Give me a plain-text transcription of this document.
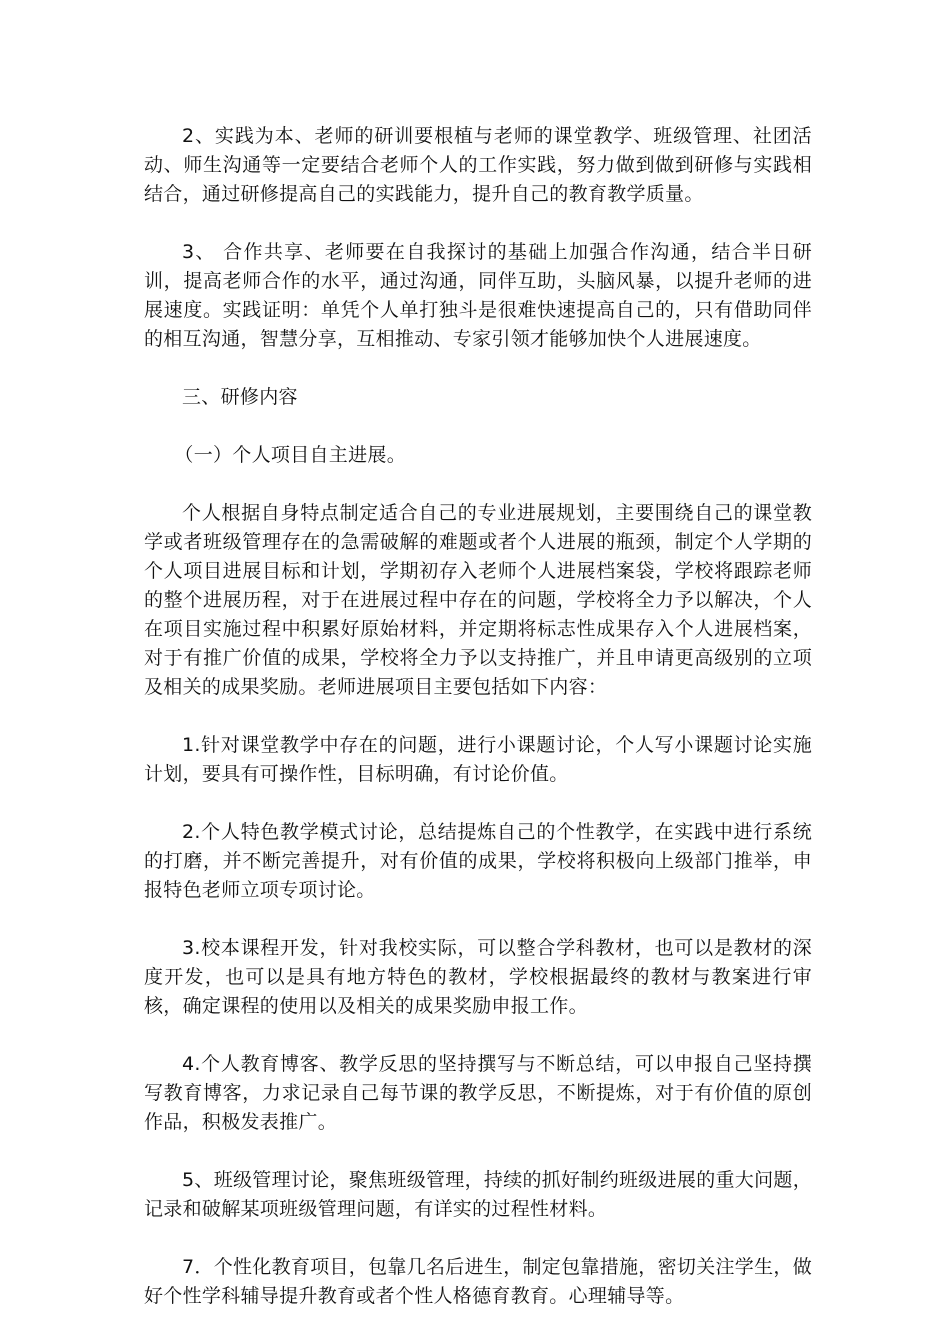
2、实践为本、老师的研训要根植与老师的课堂教学、班级管理、社团活动、师生沟通等一定要结合老师个人的工作实践，努力做到做到研修与实践相结合，通过研修提高自己的实践能力，提升自己的教育教学质量。

3、 合作共享、老师要在自我探讨的基础上加强合作沟通，结合半日研训，提高老师合作的水平，通过沟通，同伴互助，头脑风暴，以提升老师的进展速度。实践证明：单凭个人单打独斗是很难快速提高自己的，只有借助同伴的相互沟通，智慧分享，互相推动、专家引领才能够加快个人进展速度。

三、研修内容

（一）个人项目自主进展。

个人根据自身特点制定适合自己的专业进展规划，主要围绕自己的课堂教学或者班级管理存在的急需破解的难题或者个人进展的瓶颈，制定个人学期的个人项目进展目标和计划，学期初存入老师个人进展档案袋，学校将跟踪老师的整个进展历程，对于在进展过程中存在的问题，学校将全力予以解决，个人在项目实施过程中积累好原始材料，并定期将标志性成果存入个人进展档案，对于有推广价值的成果，学校将全力予以支持推广，并且申请更高级别的立项及相关的成果奖励。老师进展项目主要包括如下内容：

1.针对课堂教学中存在的问题，进行小课题讨论，个人写小课题讨论实施计划，要具有可操作性，目标明确，有讨论价值。

2.个人特色教学模式讨论，总结提炼自己的个性教学，在实践中进行系统的打磨，并不断完善提升，对有价值的成果，学校将积极向上级部门推举，申报特色老师立项专项讨论。

3.校本课程开发，针对我校实际，可以整合学科教材，也可以是教材的深度开发，也可以是具有地方特色的教材，学校根据最终的教材与教案进行审核，确定课程的使用以及相关的成果奖励申报工作。

4.个人教育博客、教学反思的坚持撰写与不断总结，可以申报自己坚持撰写教育博客，力求记录自己每节课的教学反思，不断提炼，对于有价值的原创作品，积极发表推广。

5、班级管理讨论，聚焦班级管理，持续的抓好制约班级进展的重大问题，记录和破解某项班级管理问题，有详实的过程性材料。

7．个性化教育项目，包靠几名后进生，制定包靠措施，密切关注学生，做好个性学科辅导提升教育或者个性人格德育教育。心理辅导等。
